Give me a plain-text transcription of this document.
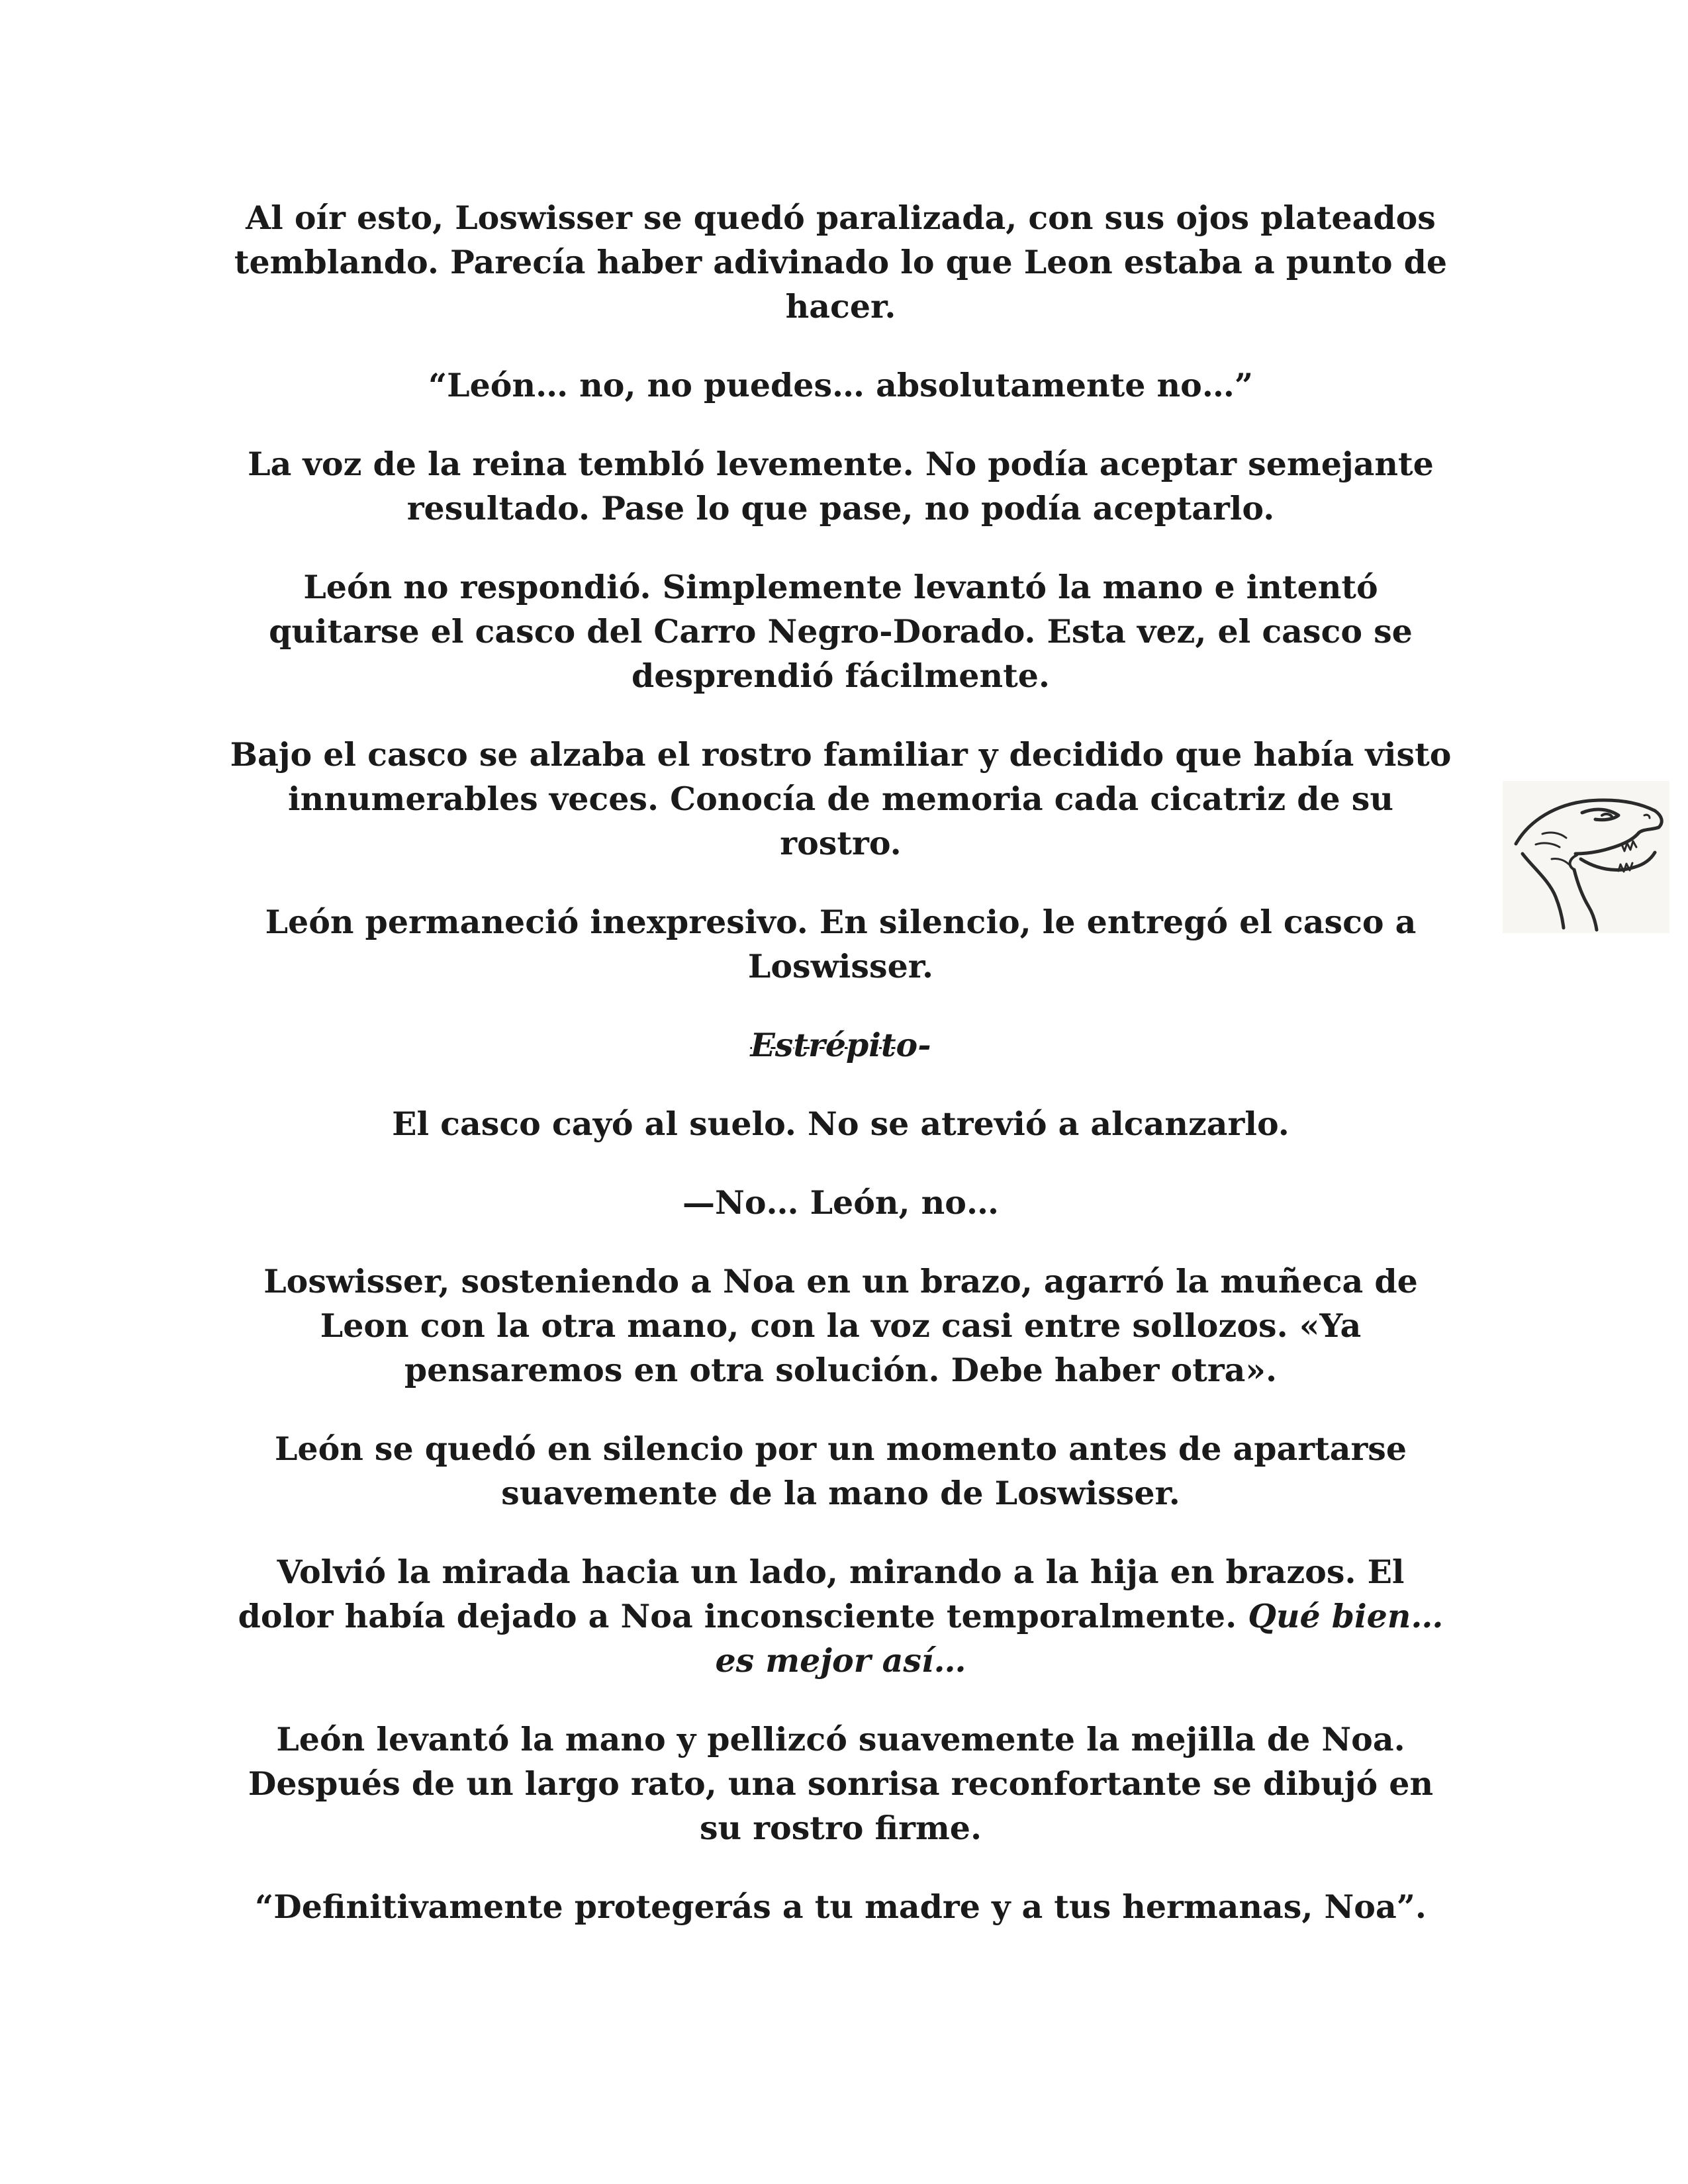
Al oír esto, Loswisser se quedó paralizada, con sus ojos plateados temblando. Parecía haber adivinado lo que Leon estaba a punto de hacer.

“León… no, no puedes… absolutamente no…”

La voz de la reina tembló levemente. No podía aceptar semejante resultado. Pase lo que pase, no podía aceptarlo.

León no respondió. Simplemente levantó la mano e intentó quitarse el casco del Carro Negro-Dorado. Esta vez, el casco se desprendió fácilmente.

Bajo el casco se alzaba el rostro familiar y decidido que había visto innumerables veces. Conocía de memoria cada cicatriz de su rostro.

León permaneció inexpresivo. En silencio, le entregó el casco a Loswisser.

Estrépito-

El casco cayó al suelo. No se atrevió a alcanzarlo.

—No… León, no…

Loswisser, sosteniendo a Noa en un brazo, agarró la muñeca de Leon con la otra mano, con la voz casi entre sollozos. «Ya pensaremos en otra solución. Debe haber otra».

León se quedó en silencio por un momento antes de apartarse suavemente de la mano de Loswisser.

Volvió la mirada hacia un lado, mirando a la hija en brazos. El dolor había dejado a Noa inconsciente temporalmente. Qué bien… es mejor así…

León levantó la mano y pellizcó suavemente la mejilla de Noa. Después de un largo rato, una sonrisa reconfortante se dibujó en su rostro firme.

“Definitivamente protegerás a tu madre y a tus hermanas, Noa”.
